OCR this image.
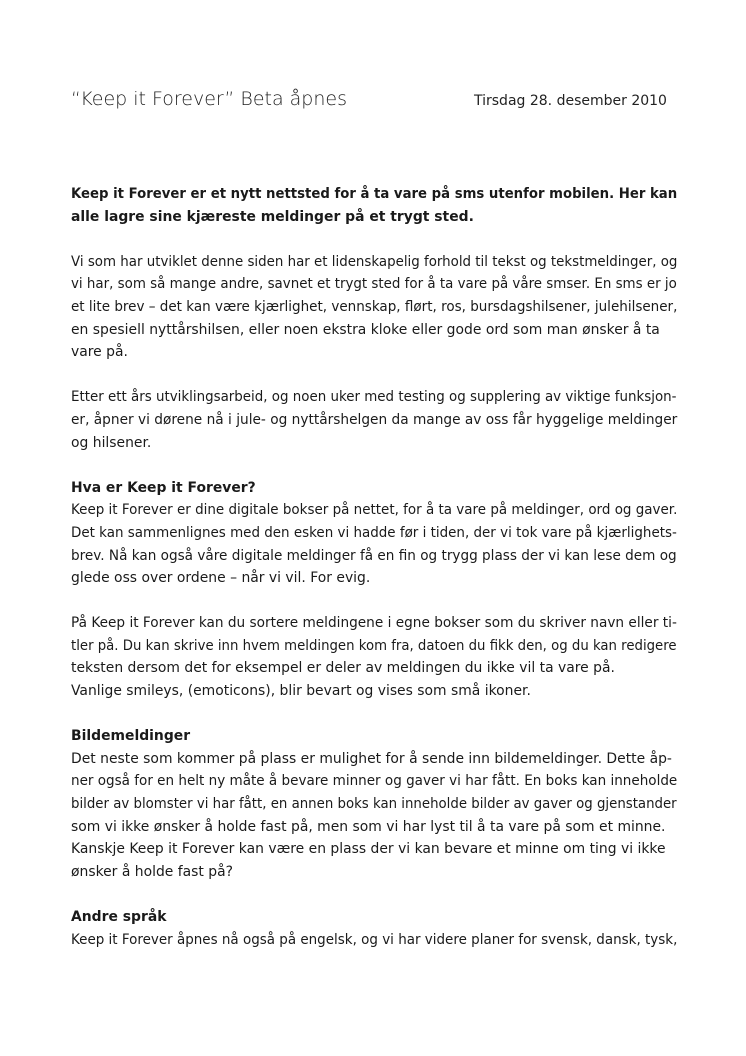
“Keep it Forever” Beta åpnes	Tirsdag 28. desember 2010
Keep it Forever er et nytt nettsted for å ta vare på sms utenfor mobilen. Her kan
alle lagre sine kjæreste meldinger på et trygt sted.
Vi som har utviklet denne siden har et lidenskapelig forhold til tekst og tekstmeldinger, og
vi har, som så mange andre, savnet et trygt sted for å ta vare på våre smser. En sms er jo
et lite brev – det kan være kjærlighet, vennskap, flørt, ros, bursdagshilsener, julehilsener,
en spesiell nyttårshilsen, eller noen ekstra kloke eller gode ord som man ønsker å ta
vare på.
Etter ett års utviklingsarbeid, og noen uker med testing og supplering av viktige funksjon-
er, åpner vi dørene nå i jule- og nyttårshelgen da mange av oss får hyggelige meldinger
og hilsener.
Hva er Keep it Forever?
Keep it Forever er dine digitale bokser på nettet, for å ta vare på meldinger, ord og gaver.
Det kan sammenlignes med den esken vi hadde før i tiden, der vi tok vare på kjærlighets-
brev. Nå kan også våre digitale meldinger få en fin og trygg plass der vi kan lese dem og
glede oss over ordene – når vi vil. For evig.
På Keep it Forever kan du sortere meldingene i egne bokser som du skriver navn eller ti-
tler på. Du kan skrive inn hvem meldingen kom fra, datoen du fikk den, og du kan redigere
teksten dersom det for eksempel er deler av meldingen du ikke vil ta vare på.
Vanlige smileys, (emoticons), blir bevart og vises som små ikoner.
Bildemeldinger
Det neste som kommer på plass er mulighet for å sende inn bildemeldinger. Dette åp-
ner også for en helt ny måte å bevare minner og gaver vi har fått. En boks kan inneholde
bilder av blomster vi har fått, en annen boks kan inneholde bilder av gaver og gjenstander
som vi ikke ønsker å holde fast på, men som vi har lyst til å ta vare på som et minne.
Kanskje Keep it Forever kan være en plass der vi kan bevare et minne om ting vi ikke
ønsker å holde fast på?
Andre språk
Keep it Forever åpnes nå også på engelsk, og vi har videre planer for svensk, dansk, tysk,
